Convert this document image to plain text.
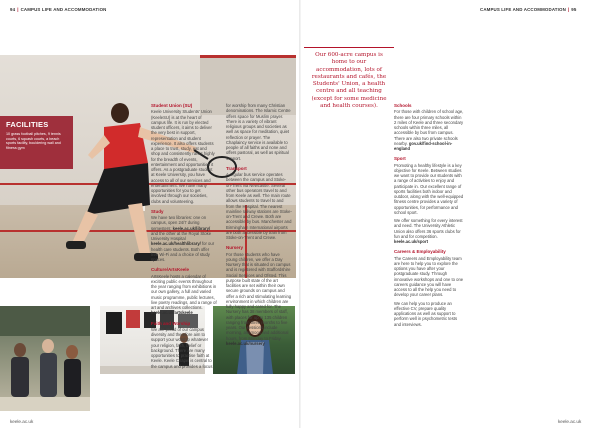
94 | CAMPUS LIFE AND ACCOMMODATION	CAMPUS LIFE AND ACCOMMODATION | 95
FACILITIES
10 grass football pitches, 9 tennis courts, 6 squash courts, a beach sports facility, bouldering wall and fitness gym
Student Union (SU)

Keele University Students' Union (KeeleSU) is at the heart of campus life. It is run by elected student officers, it aims to deliver the very best in support, representation and student experience. It also offers students a place to trust, study, eat and shop and consistently ranks highly for the breadth of events, entertainment and opportunities it offers. As a postgraduate student at Keele University, you have access to all of our services and entertainment. We have many opportunities for you to get involved through our societies, clubs and volunteering.

Study

We have two libraries: one on campus, open 24/7 during semesters: keele.ac.uk/library/ and the other at the Royal Stoke University Hospital keele.ac.uk/healthlibrary/ for our health care students. Both offer free Wi-Fi and a choice of study spaces.

Culture/ArtsKeele

ArtsKeele hosts a calendar of exciting public events throughout the year ranging from exhibitions in our own gallery, a full and varied music programme, public lectures, live poetry readings, and a range of art and archives collections. keele.ac.uk/artskeele

Faith and Worship

We are proud of our campus diversity and therefore aim to support your worship whatever your religion, faith, belief or background. There are many opportunities to practise faith at Keele. Keele Chapel is central to the campus and provides a focus

for worship from many Christian denominations. The Islamic Centre offers space for Muslim prayer. There is a variety of vibrant religious groups and societies as well as space for meditation, quiet reflection or prayer. The Chaplaincy service is available to people of all faiths and none and offers pastoral, as well as spiritual support.

Transport

A regular bus service operates between the campus and Stoke-on-Trent via Newcastle. Several other bus operators travel to and from Keele as well. The main route allows students to travel to and from the Hospital. The nearest mainline railway stations are Stoke-on-Trent and Crewe. Both are accessible by bus. Manchester and Birmingham International airports are both accessible by train from Stoke-on-Trent and Crewe.

Nursery

For those students who have young children, we offer a Day Nursery that is situated on campus and is registered with Staffordshire Social Services and Ofsted. This purpose built state of the art facilities are set within their own secure grounds on campus and offer a rich and stimulating learning environment in which children are fully happy and cared for. The Nursery has 38 members of staff, with places for up to 135 children ranging from three months to five years. Our sessions include morning, afternoon and additional hours, from Monday to Friday. keele.ac.uk/nursery

Our 600-acre campus is home to our accommodation, lots of restaurants and cafés, the Students' Union, a health centre and all teaching (except for some medicine and health courses).	Schools

For those with children of school age, there are four primary schools within 2 miles of Keele and three secondary schools within three miles, all accessible by bus from campus. There are also two private schools nearby. gov.uk/find-school-in-england

Sport

Promoting a healthy lifestyle is a key objective for Keele. Between studies we want to provide our students with a range of activities to enjoy and participate in. Our excellent range of sports facilities both indoor and outdoor, along with the well-equipped fitness centre provides a variety of opportunities, for performance and school sport.

We offer something for every interest and need. The University Athletic Union also offers 36 sports clubs for fun and for competition. keele.ac.uk/sport

Careers & Employability

The Careers and Employability team are here to help you to explore the options you have after your postgraduate study. Through innovative workshops and one to one careers guidance you will have access to all the help you need to develop your career plans.

We can help you to produce an effective CV, prepare quality applications as well as support to perform well in psychometric tests and interviews.

keele.ac.uk	keele.ac.uk
